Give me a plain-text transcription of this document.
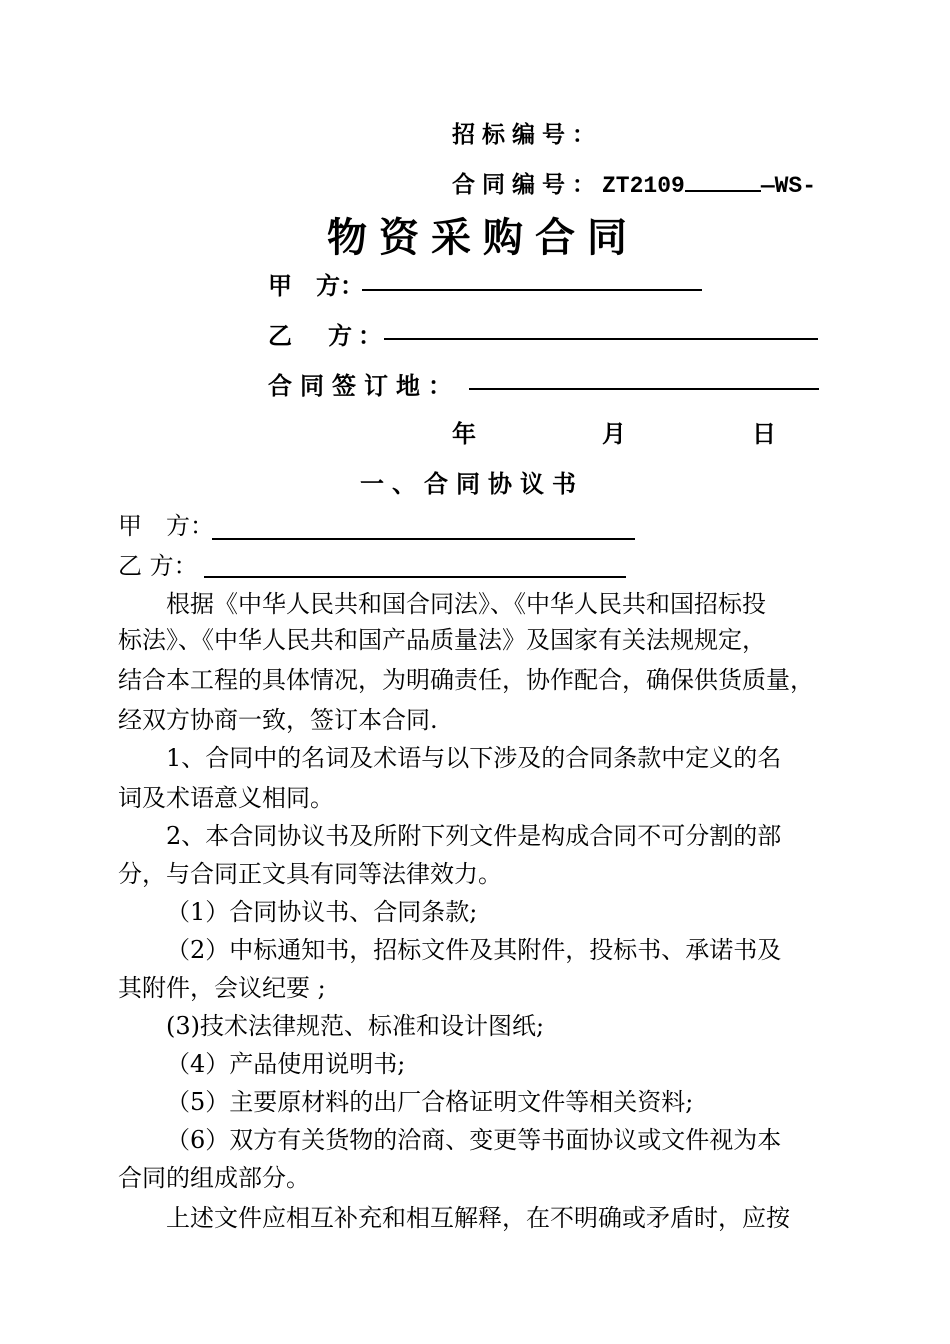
招标编号：
合同编号：ZT2109	—WS-
物资采购合同
甲　方：
乙　方：
合同签订地：
年	月	日
一、合同协议书
甲　方：
乙 方：
根据《中华人民共和国合同法》、《中华人民共和国招标投
标法》、《中华人民共和国产品质量法》及国家有关法规规定，
结合本工程的具体情况，为明确责任，协作配合，确保供货质量，
经双方协商一致，签订本合同.
1、合同中的名词及术语与以下涉及的合同条款中定义的名
词及术语意义相同。
2、本合同协议书及所附下列文件是构成合同不可分割的部
分，与合同正文具有同等法律效力。
（1）合同协议书、合同条款;
（2）中标通知书，招标文件及其附件，投标书、承诺书及
其附件，会议纪要 ;
(3)技术法律规范、标准和设计图纸;
（4）产品使用说明书;
（5）主要原材料的出厂合格证明文件等相关资料;
（6）双方有关货物的洽商、变更等书面协议或文件视为本
合同的组成部分。
上述文件应相互补充和相互解释，在不明确或矛盾时，应按
